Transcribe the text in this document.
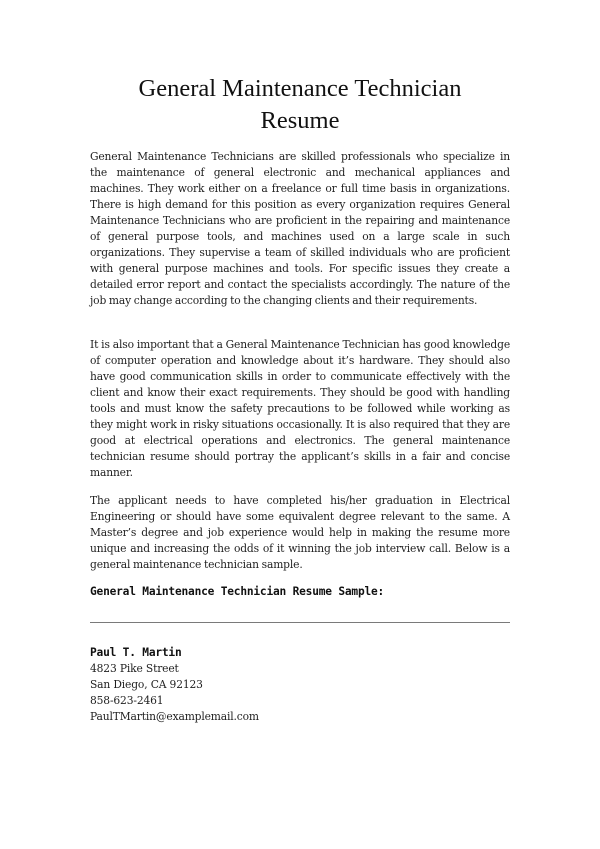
General Maintenance Technician
Resume

General Maintenance Technicians are skilled professionals who specialize in the maintenance of general electronic and mechanical appliances and machines. They work either on a freelance or full time basis in organizations. There is high demand for this position as every organization requires General Maintenance Technicians who are proficient in the repairing and maintenance of general purpose tools, and machines used on a large scale in such organizations. They supervise a team of skilled individuals who are proficient with general purpose machines and tools. For specific issues they create a detailed error report and contact the specialists accordingly. The nature of the job may change according to the changing clients and their requirements.

It is also important that a General Maintenance Technician has good knowledge of computer operation and knowledge about it’s hardware. They should also have good communication skills in order to communicate effectively with the client and know their exact requirements. They should be good with handling tools and must know the safety precautions to be followed while working as they might work in risky situations occasionally. It is also required that they are good at electrical operations and electronics. The general maintenance technician resume should portray the applicant’s skills in a fair and concise manner.

The applicant needs to have completed his/her graduation in Electrical Engineering or should have some equivalent degree relevant to the same. A Master’s degree and job experience would help in making the resume more unique and increasing the odds of it winning the job interview call. Below is a general maintenance technician sample.

General Maintenance Technician Resume Sample:

Paul T. Martin
4823 Pike Street
San Diego, CA 92123
858-623-2461
PaulTMartin@examplemail.com
